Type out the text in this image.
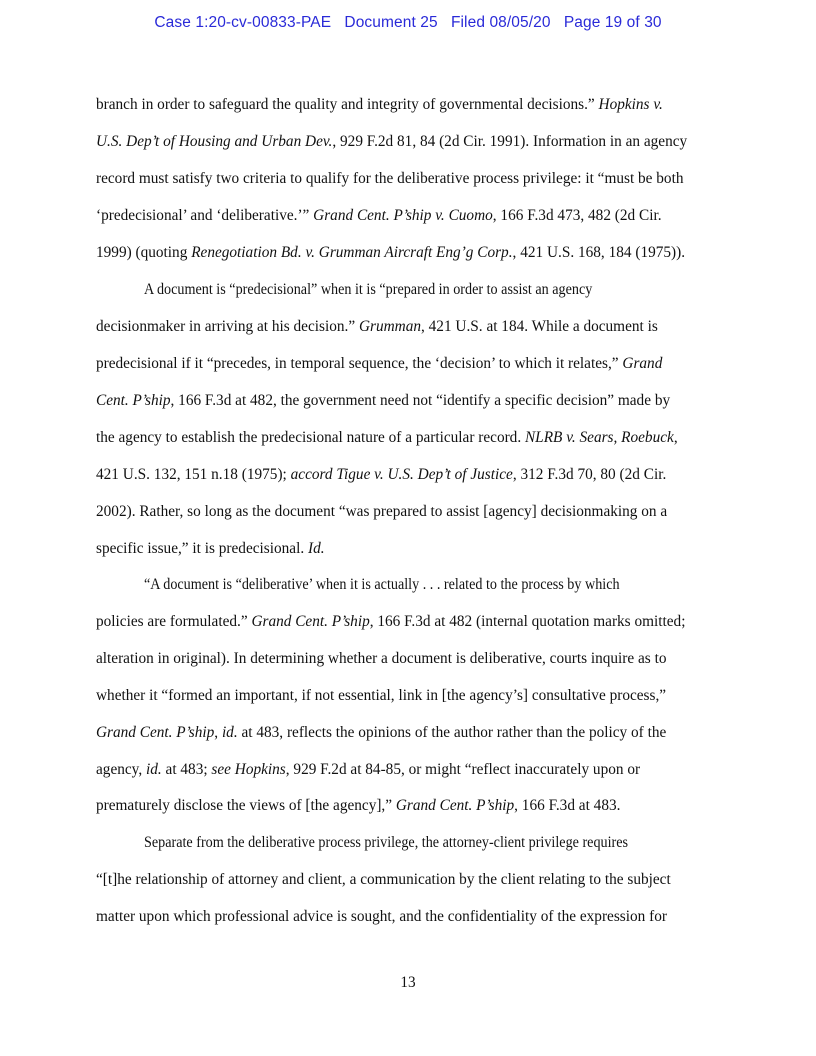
Case 1:20-cv-00833-PAE Document 25 Filed 08/05/20 Page 19 of 30
branch in order to safeguard the quality and integrity of governmental decisions.” Hopkins v.
U.S. Dep’t of Housing and Urban Dev., 929 F.2d 81, 84 (2d Cir. 1991). Information in an agency
record must satisfy two criteria to qualify for the deliberative process privilege: it “must be both
‘predecisional’ and ‘deliberative.’” Grand Cent. P’ship v. Cuomo, 166 F.3d 473, 482 (2d Cir.
1999) (quoting Renegotiation Bd. v. Grumman Aircraft Eng’g Corp., 421 U.S. 168, 184 (1975)).
A document is “predecisional” when it is “prepared in order to assist an agency
decisionmaker in arriving at his decision.” Grumman, 421 U.S. at 184. While a document is
predecisional if it “precedes, in temporal sequence, the ‘decision’ to which it relates,” Grand
Cent. P’ship, 166 F.3d at 482, the government need not “identify a specific decision” made by
the agency to establish the predecisional nature of a particular record. NLRB v. Sears, Roebuck,
421 U.S. 132, 151 n.18 (1975); accord Tigue v. U.S. Dep’t of Justice, 312 F.3d 70, 80 (2d Cir.
2002). Rather, so long as the document “was prepared to assist [agency] decisionmaking on a
specific issue,” it is predecisional. Id.
“A document is “deliberative’ when it is actually . . . related to the process by which
policies are formulated.” Grand Cent. P’ship, 166 F.3d at 482 (internal quotation marks omitted;
alteration in original). In determining whether a document is deliberative, courts inquire as to
whether it “formed an important, if not essential, link in [the agency’s] consultative process,”
Grand Cent. P’ship, id. at 483, reflects the opinions of the author rather than the policy of the
agency, id. at 483; see Hopkins, 929 F.2d at 84-85, or might “reflect inaccurately upon or
prematurely disclose the views of [the agency],” Grand Cent. P’ship, 166 F.3d at 483.
Separate from the deliberative process privilege, the attorney-client privilege requires
“[t]he relationship of attorney and client, a communication by the client relating to the subject
matter upon which professional advice is sought, and the confidentiality of the expression for
13
